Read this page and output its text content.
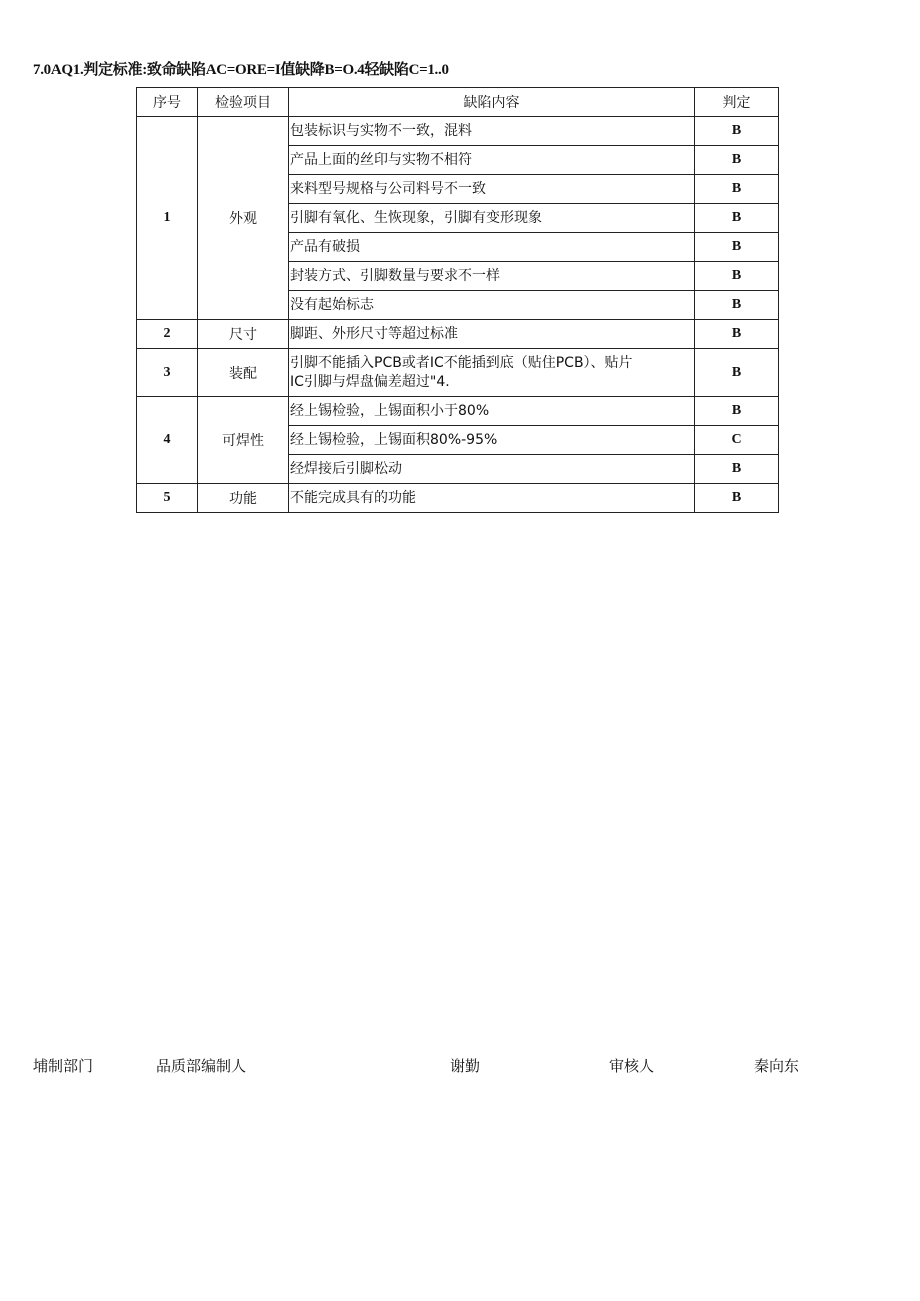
7.0AQ1.判定标准:致命缺陷AC=ORE=I值缺降B=O.4轻缺陷C=1..0
序号	检验项目	缺陷内容	判定
1	外观	包装标识与实物不一致，混料	B
		产品上面的丝印与实物不相符	B
		来料型号规格与公司料号不一致	B
		引脚有氧化、生恢现象，引脚有变形现象	B
		产品有破损	B
		封装方式、引脚数量与要求不一样	B
		没有起始标志	B
2	尺寸	脚距、外形尺寸等超过标准	B
3	装配	引脚不能插入PCB或者IC不能插到底（贴住PCB）、贴片
IC引脚与焊盘偏差超过"4.	B
4	可焊性	经上锡检验，上锡面积小于80%	B
		经上锡检验，上锡面积80%-95%	C
		经焊接后引脚松动	B
5	功能	不能完成具有的功能	B
埔制部门	品质部编制人	谢勤	审核人	秦向东
